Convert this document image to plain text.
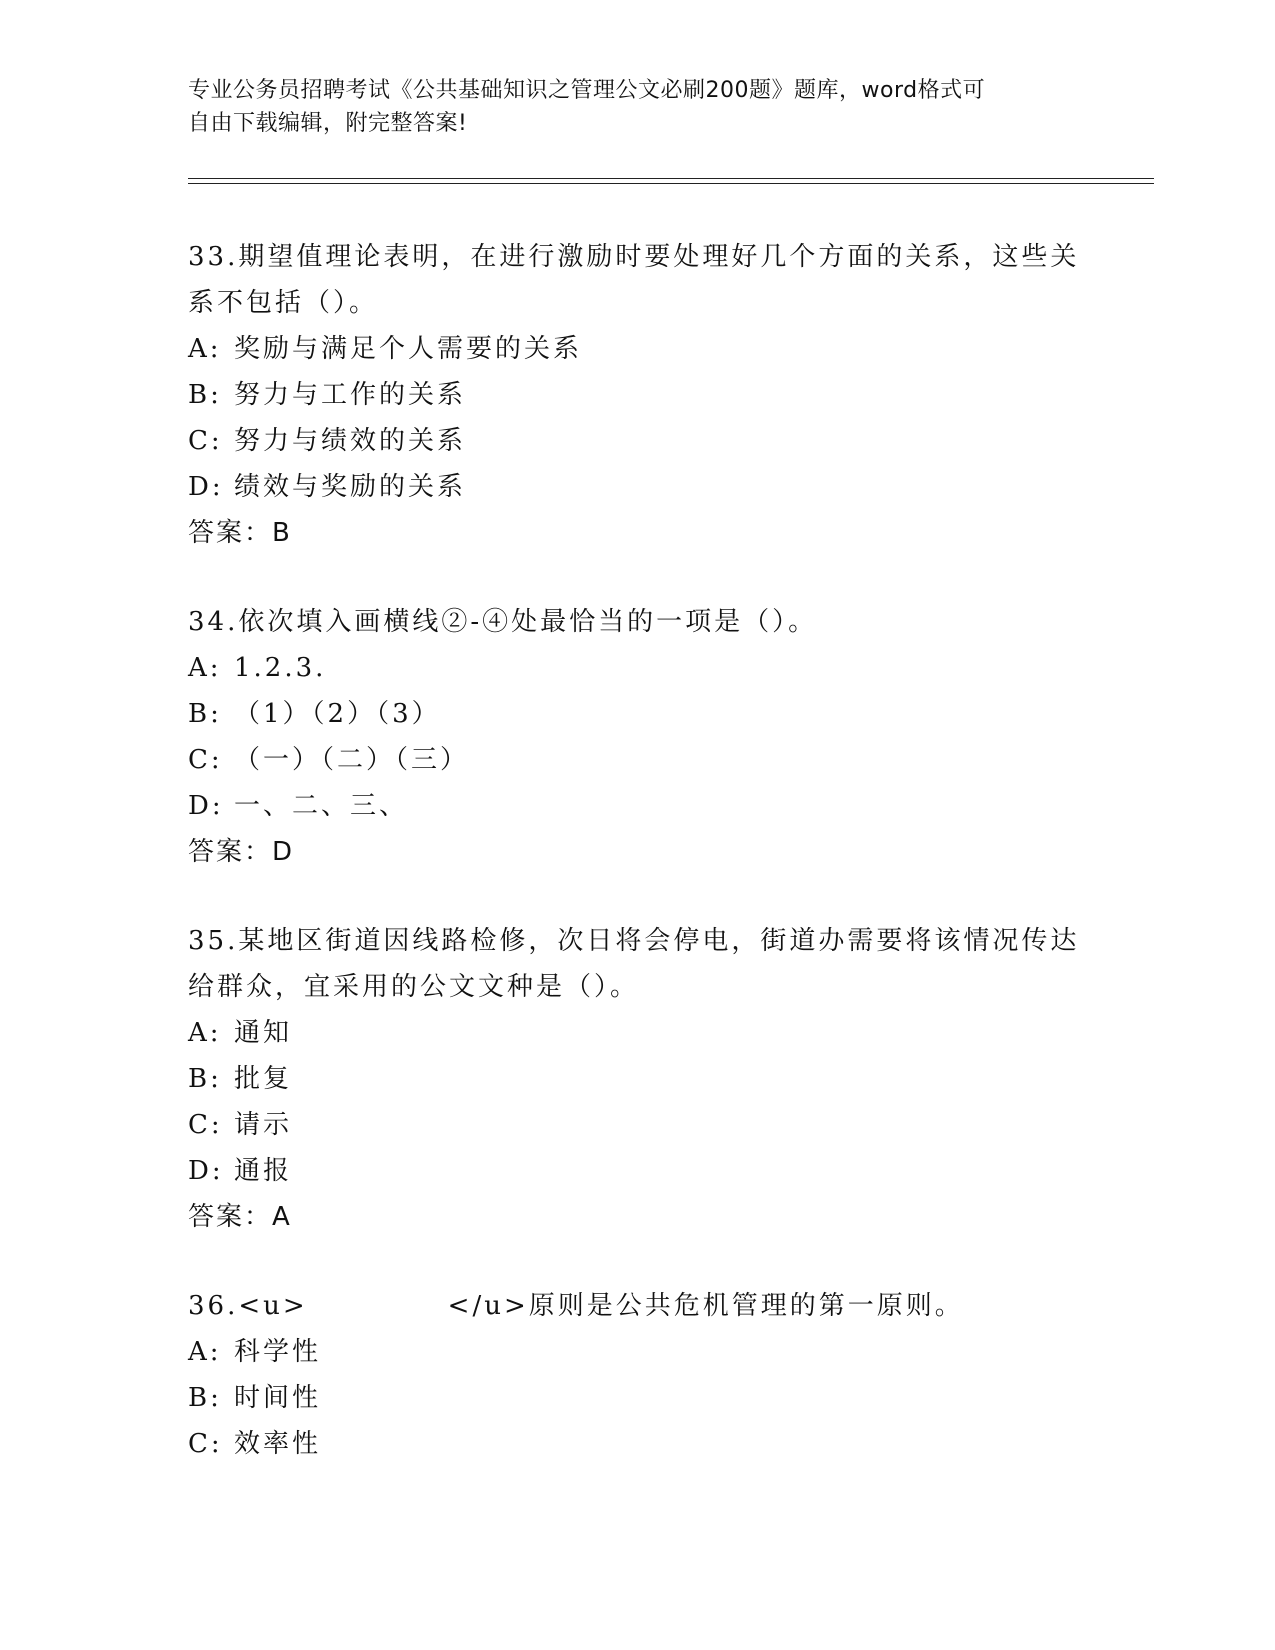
专业公务员招聘考试《公共基础知识之管理公文必刷200题》题库，word格式可
自由下载编辑，附完整答案!

33.期望值理论表明，在进行激励时要处理好几个方面的关系，这些关

系不包括（）。

A: 奖励与满足个人需要的关系

B: 努力与工作的关系

C: 努力与绩效的关系

D: 绩效与奖励的关系

答案：B

34.依次填入画横线②-④处最恰当的一项是（）。

A: 1.2.3.

B: （1）（2）（3）

C: （一）（二）（三）

D: 一、二、三、

答案：D

35.某地区街道因线路检修，次日将会停电，街道办需要将该情况传达

给群众，宜采用的公文文种是（）。

A: 通知

B: 批复

C: 请示

D: 通报

答案：A

36.<u>	</u>原则是公共危机管理的第一原则。

A: 科学性

B: 时间性

C: 效率性
